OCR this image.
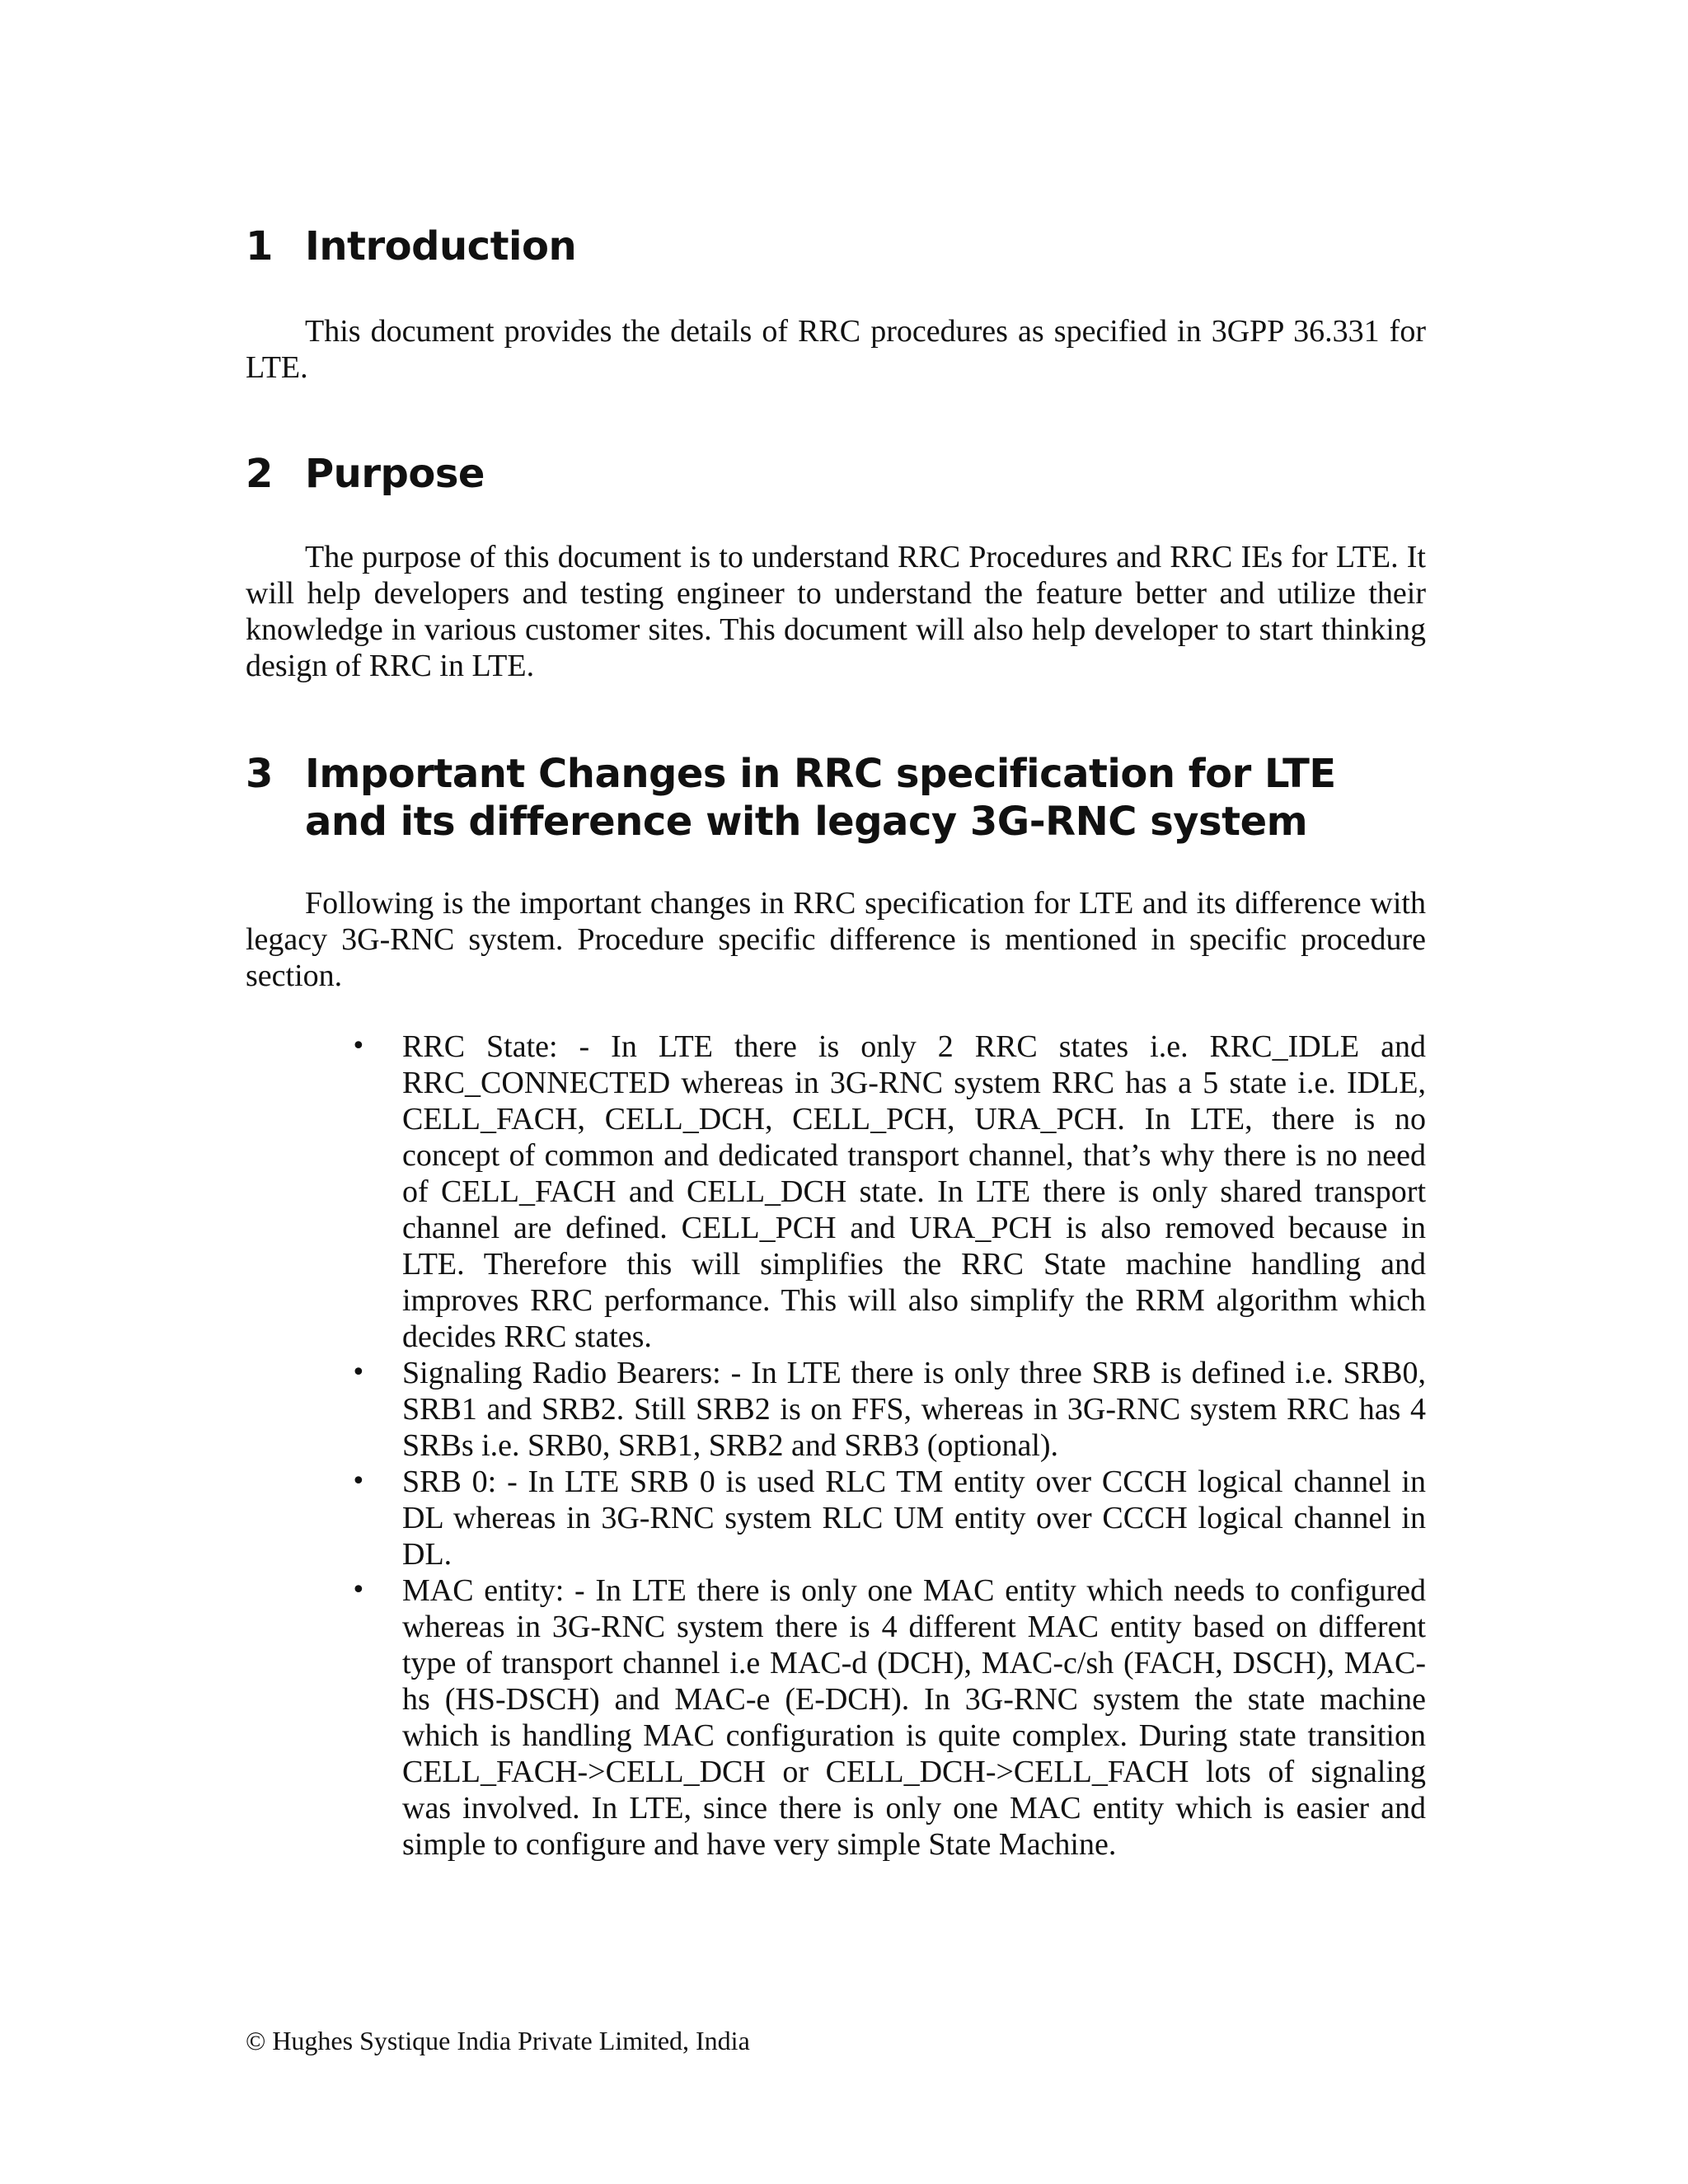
1 Introduction

This document provides the details of RRC procedures as specified in 3GPP 36.331 for LTE.

2 Purpose

The purpose of this document is to understand RRC Procedures and RRC IEs for LTE. It will help developers and testing engineer to understand the feature better and utilize their knowledge in various customer sites. This document will also help developer to start thinking design of RRC in LTE.

3 Important Changes in RRC specification for LTE and its difference with legacy 3G-RNC system

Following is the important changes in RRC specification for LTE and its difference with legacy 3G-RNC system. Procedure specific difference is mentioned in specific procedure section.

• RRC State: - In LTE there is only 2 RRC states i.e. RRC_IDLE and RRC_CONNECTED whereas in 3G-RNC system RRC has a 5 state i.e. IDLE, CELL_FACH, CELL_DCH, CELL_PCH, URA_PCH. In LTE, there is no concept of common and dedicated transport channel, that’s why there is no need of CELL_FACH and CELL_DCH state. In LTE there is only shared transport channel are defined. CELL_PCH and URA_PCH is also removed because in LTE. Therefore this will simplifies the RRC State machine handling and improves RRC performance. This will also simplify the RRM algorithm which decides RRC states.
• Signaling Radio Bearers: - In LTE there is only three SRB is defined i.e. SRB0, SRB1 and SRB2. Still SRB2 is on FFS, whereas in 3G-RNC system RRC has 4 SRBs i.e. SRB0, SRB1, SRB2 and SRB3 (optional).
• SRB 0: - In LTE SRB 0 is used RLC TM entity over CCCH logical channel in DL whereas in 3G-RNC system RLC UM entity over CCCH logical channel in DL.
• MAC entity: - In LTE there is only one MAC entity which needs to configured whereas in 3G-RNC system there is 4 different MAC entity based on different type of transport channel i.e MAC-d (DCH), MAC-c/sh (FACH, DSCH), MAC-hs (HS-DSCH) and MAC-e (E-DCH). In 3G-RNC system the state machine which is handling MAC configuration is quite complex. During state transition CELL_FACH->CELL_DCH or CELL_DCH->CELL_FACH lots of signaling was involved. In LTE, since there is only one MAC entity which is easier and simple to configure and have very simple State Machine.
© Hughes Systique India Private Limited, India
